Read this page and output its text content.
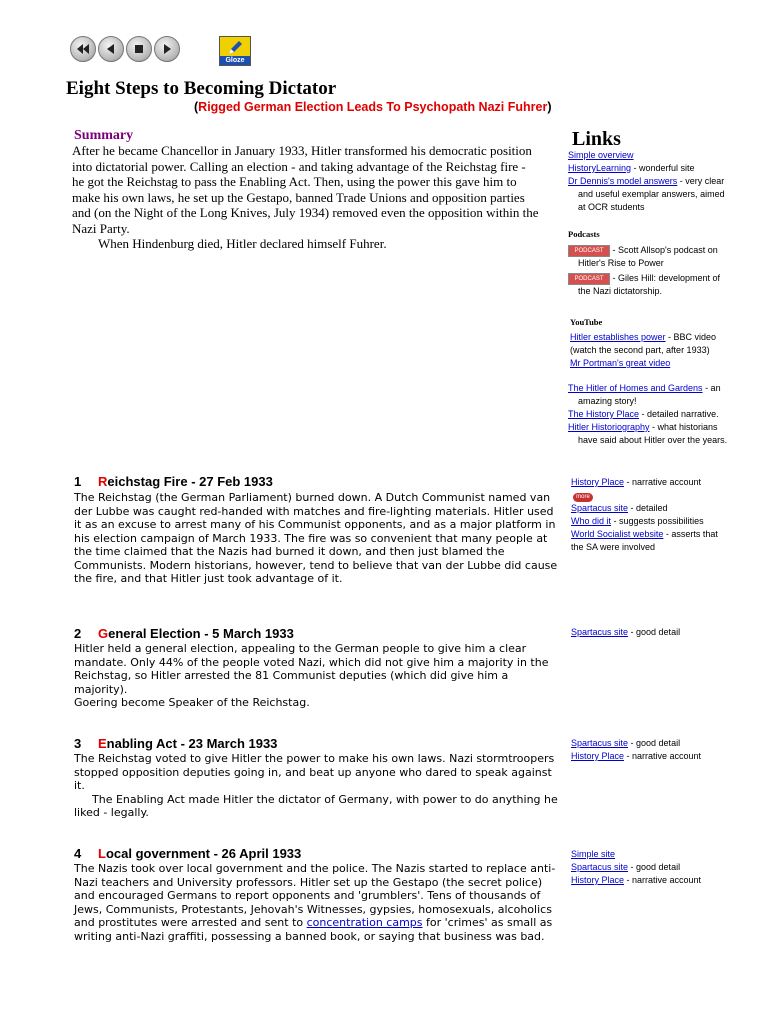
Gloze
Eight Steps to Becoming Dictator
(Rigged German Election Leads To Psychopath Nazi Fuhrer)
Summary
After he became Chancellor in January 1933, Hitler transformed his democratic position into dictatorial power. Calling an election - and taking advantage of the Reichstag fire - he got the Reichstag to pass the Enabling Act. Then, using the power this gave him to make his own laws, he set up the Gestapo, banned Trade Unions and opposition parties and (on the Night of the Long Knives, July 1934) removed even the opposition within the Nazi Party.
When Hindenburg died, Hitler declared himself Fuhrer.
Links
Simple overview
HistoryLearning - wonderful site
Dr Dennis's model answers - very clear
and useful exemplar answers, aimed
at OCR students
Podcasts
PODCAST - Scott Allsop's podcast on
Hitler's Rise to Power
PODCAST - Giles Hill: development of
the Nazi dictatorship.
YouTube
Hitler establishes power - BBC video
(watch the second part, after 1933)
Mr Portman's great video
The Hitler of Homes and Gardens - an
amazing story!
The History Place - detailed narrative.
Hitler Historiography - what historians
have said about Hitler over the years.
1 Reichstag Fire - 27 Feb 1933
The Reichstag (the German Parliament) burned down. A Dutch Communist named van der Lubbe was caught red-handed with matches and fire-lighting materials. Hitler used it as an excuse to arrest many of his Communist opponents, and as a major platform in his election campaign of March 1933. The fire was so convenient that many people at the time claimed that the Nazis had burned it down, and then just blamed the Communists. Modern historians, however, tend to believe that van der Lubbe did cause the fire, and that Hitler just took advantage of it.
History Place - narrative account
more
Spartacus site - detailed
Who did it - suggests possibilities
World Socialist website - asserts that
the SA were involved
2 General Election - 5 March 1933
Hitler held a general election, appealing to the German people to give him a clear mandate. Only 44% of the people voted Nazi, which did not give him a majority in the Reichstag, so Hitler arrested the 81 Communist deputies (which did give him a majority).
Goering become Speaker of the Reichstag.
Spartacus site - good detail
3 Enabling Act - 23 March 1933
The Reichstag voted to give Hitler the power to make his own laws. Nazi stormtroopers stopped opposition deputies going in, and beat up anyone who dared to speak against it.
The Enabling Act made Hitler the dictator of Germany, with power to do anything he liked - legally.
Spartacus site - good detail
History Place - narrative account
4 Local government - 26 April 1933
The Nazis took over local government and the police. The Nazis started to replace anti-Nazi teachers and University professors. Hitler set up the Gestapo (the secret police) and encouraged Germans to report opponents and 'grumblers'. Tens of thousands of Jews, Communists, Protestants, Jehovah's Witnesses, gypsies, homosexuals, alcoholics and prostitutes were arrested and sent to concentration camps for 'crimes' as small as writing anti-Nazi graffiti, possessing a banned book, or saying that business was bad.
Simple site
Spartacus site - good detail
History Place - narrative account
